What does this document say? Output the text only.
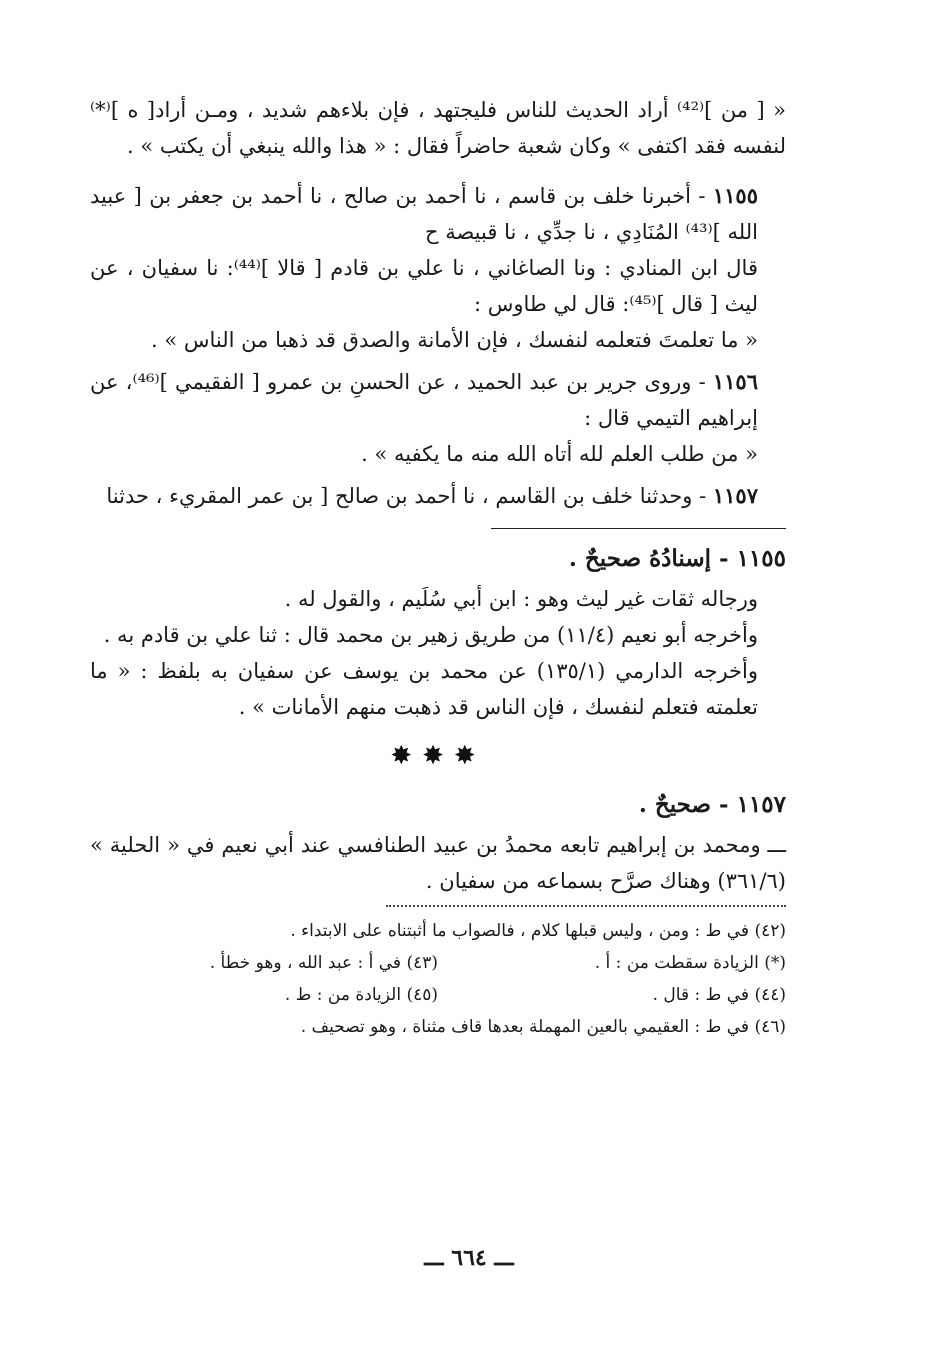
« [ من ]⁽⁴²⁾ أراد الحديث للناس فليجتهد ، فإن بلاءهم شديد ، ومـن أراد[ ه ]⁽*⁾ لنفسه فقد اكتفى » وكان شعبة حاضراً فقال : « هذا والله ينبغي أن يكتب » .

١١٥٥ - أخبرنا خلف بن قاسم ، نا أحمد بن صالح ، نا أحمد بن جعفر بن [ عبيد الله ]⁽⁴³⁾ المُنَادِي ، نا جدِّي ، نا قبيصة ح

قال ابن المنادي : ونا الصاغاني ، نا علي بن قادم [ قالا ]⁽⁴⁴⁾: نا سفيان ، عن ليث [ قال ]⁽⁴⁵⁾: قال لي طاوس :

« ما تعلمتَ فتعلمه لنفسك ، فإن الأمانة والصدق قد ذهبا من الناس » .

١١٥٦ - وروى جرير بن عبد الحميد ، عن الحسنِ بن عمرو [ الفقيمي ]⁽⁴⁶⁾، عن إبراهيم التيمي قال :

« من طلب العلم لله أتاه الله منه ما يكفيه » .

١١٥٧ - وحدثنا خلف بن القاسم ، نا أحمد بن صالح [ بن عمر المقريء ، حدثنا

١١٥٥ - إسنادُهُ صحيحٌ .

ورجاله ثقات غير ليث وهو : ابن أبي سُلَيم ، والقول له .

وأخرجه أبو نعيم (١١/٤) من طريق زهير بن محمد قال : ثنا علي بن قادم به .

وأخرجه الدارمي (١٣٥/١) عن محمد بن يوسف عن سفيان به بلفظ : « ما تعلمته فتعلم لنفسك ، فإن الناس قد ذهبت منهم الأمانات » .

✸✸✸

١١٥٧ - صحيحٌ .

ـــ ومحمد بن إبراهيم تابعه محمدُ بن عبيد الطنافسي عند أبي نعيم في « الحلية » (٣٦١/٦) وهناك صرَّح بسماعه من سفيان .

(٤٢) في ط : ومن ، وليس قبلها كلام ، فالصواب ما أثبتناه على الابتداء .

(*) الزيادة سقطت من : أ .

(٤٣) في أ : عبد الله ، وهو خطأ .

(٤٤) في ط : قال .

(٤٥) الزيادة من : ط .

(٤٦) في ط : العقيمي بالعين المهملة بعدها قاف مثناة ، وهو تصحيف .

ـــ ٦٦٤ ـــ
